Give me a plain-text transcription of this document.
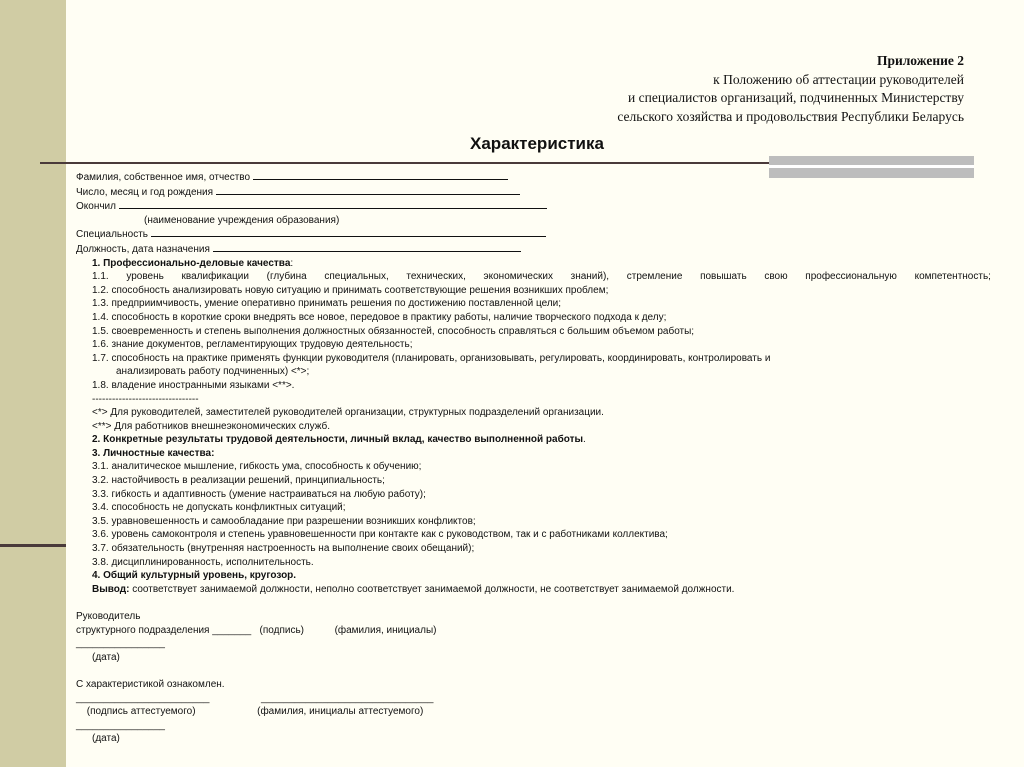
Приложение 2
к Положению об аттестации руководителей
и специалистов организаций, подчиненных Министерству
сельского хозяйства и продовольствия Республики Беларусь
Характеристика
Фамилия, собственное имя, отчество
Число, месяц и год рождения
Окончил
(наименование учреждения образования)
Специальность
Должность, дата назначения
1. Профессионально-деловые качества:
1.1. уровень квалификации (глубина специальных, технических, экономических знаний), стремление повышать свою профессиональную компетентность;
1.2. способность анализировать новую ситуацию и принимать соответствующие решения возникших проблем;
1.3. предприимчивость, умение оперативно принимать решения по достижению поставленной цели;
1.4. способность в короткие сроки внедрять все новое, передовое в практику работы, наличие творческого подхода к делу;
1.5. своевременность и степень выполнения должностных обязанностей, способность справляться с большим объемом работы;
1.6. знание документов, регламентирующих трудовую деятельность;
1.7. способность на практике применять функции руководителя (планировать, организовывать, регулировать, координировать, контролировать и
анализировать работу подчиненных) <*>;
1.8. владение иностранными языками <**>.
--------------------------------
<*> Для руководителей, заместителей руководителей организации, структурных подразделений организации.
<**> Для работников внешнеэкономических служб.
2. Конкретные результаты трудовой деятельности, личный вклад, качество выполненной работы.
3. Личностные качества:
3.1. аналитическое мышление, гибкость ума, способность к обучению;
3.2. настойчивость в реализации решений, принципиальность;
3.3. гибкость и адаптивность (умение настраиваться на любую работу);
3.4. способность не допускать конфликтных ситуаций;
3.5. уравновешенность и самообладание при разрешении возникших конфликтов;
3.6. уровень самоконтроля и степень уравновешенности при контакте как с руководством, так и с работниками коллектива;
3.7. обязательность (внутренняя настроенность на выполнение своих обещаний);
3.8. дисциплинированность, исполнительность.
4. Общий культурный уровень, кругозор.
Вывод: соответствует занимаемой должности, неполно соответствует занимаемой должности, не соответствует занимаемой должности.
Руководитель
структурного подразделения _______ (подпись)	(фамилия, инициалы)
________________
(дата)
С характеристикой ознакомлен.
________________________	_______________________________
(подпись аттестуемого)	(фамилия, инициалы аттестуемого)
________________
(дата)
